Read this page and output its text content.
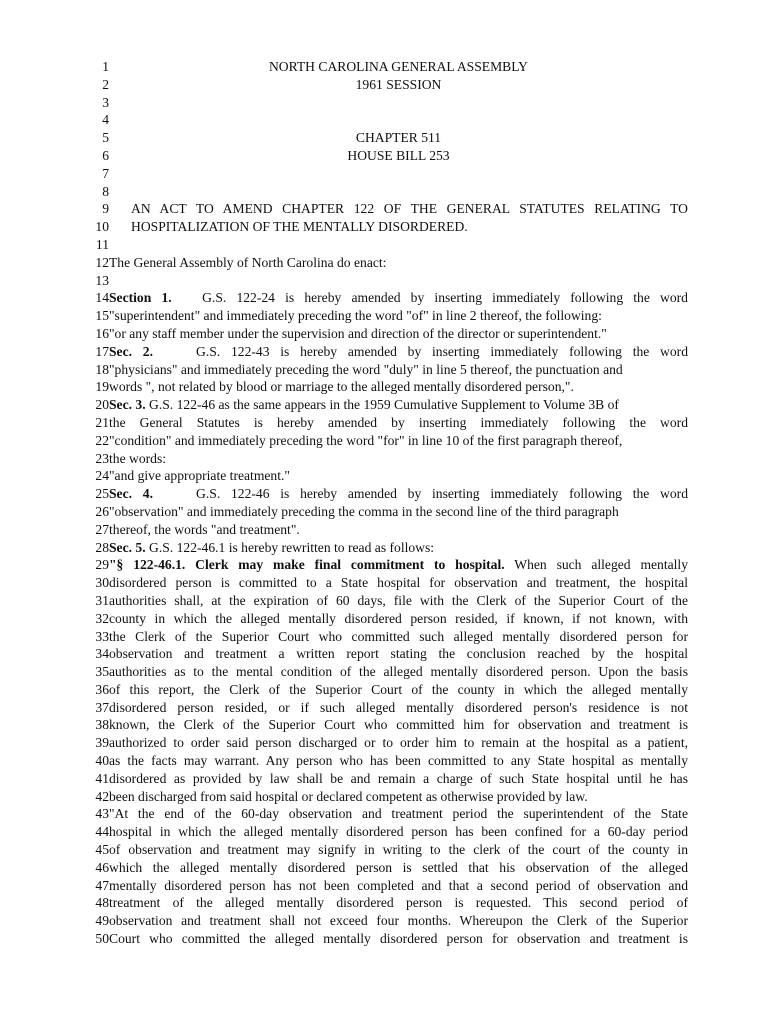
1	NORTH CAROLINA GENERAL ASSEMBLY
2	1961 SESSION
3
4
5	CHAPTER 511
6	HOUSE BILL 253
7
8
9 AN ACT TO AMEND CHAPTER 122 OF THE GENERAL STATUTES RELATING TO
10 HOSPITALIZATION OF THE MENTALLY DISORDERED.
11
12 The General Assembly of North Carolina do enact:
13
14 Section 1. G.S. 122-24 is hereby amended by inserting immediately following the word
15 "superintendent" and immediately preceding the word "of" in line 2 thereof, the following:
16 "or any staff member under the supervision and direction of the director or superintendent."
17 Sec. 2.	G.S. 122-43 is hereby amended by inserting immediately following the word
18 "physicians" and immediately preceding the word "duly" in line 5 thereof, the punctuation and
19 words ", not related by blood or marriage to the alleged mentally disordered person,".
20 Sec. 3. G.S. 122-46 as the same appears in the 1959 Cumulative Supplement to Volume 3B of
21 the General Statutes is hereby amended by inserting immediately following the word
22 "condition" and immediately preceding the word "for" in line 10 of the first paragraph thereof,
23 the words:
24 "and give appropriate treatment."
25 Sec. 4.	G.S. 122-46 is hereby amended by inserting immediately following the word
26 "observation" and immediately preceding the comma in the second line of the third paragraph
27 thereof, the words "and treatment".
28 Sec. 5. G.S. 122-46.1 is hereby rewritten to read as follows:
29 "§ 122-46.1. Clerk may make final commitment to hospital. When such alleged mentally
30 disordered person is committed to a State hospital for observation and treatment, the hospital
31 authorities shall, at the expiration of 60 days, file with the Clerk of the Superior Court of the
32 county in which the alleged mentally disordered person resided, if known, if not known, with
33 the Clerk of the Superior Court who committed such alleged mentally disordered person for
34 observation and treatment a written report stating the conclusion reached by the hospital
35 authorities as to the mental condition of the alleged mentally disordered person. Upon the basis
36 of this report, the Clerk of the Superior Court of the county in which the alleged mentally
37 disordered person resided, or if such alleged mentally disordered person's residence is not
38 known, the Clerk of the Superior Court who committed him for observation and treatment is
39 authorized to order said person discharged or to order him to remain at the hospital as a patient,
40 as the facts may warrant. Any person who has been committed to any State hospital as mentally
41 disordered as provided by law shall be and remain a charge of such State hospital until he has
42 been discharged from said hospital or declared competent as otherwise provided by law.
43 "At the end of the 60-day observation and treatment period the superintendent of the State
44 hospital in which the alleged mentally disordered person has been confined for a 60-day period
45 of observation and treatment may signify in writing to the clerk of the court of the county in
46 which the alleged mentally disordered person is settled that his observation of the alleged
47 mentally disordered person has not been completed and that a second period of observation and
48 treatment of the alleged mentally disordered person is requested. This second period of
49 observation and treatment shall not exceed four months. Whereupon the Clerk of the Superior
50 Court who committed the alleged mentally disordered person for observation and treatment is
